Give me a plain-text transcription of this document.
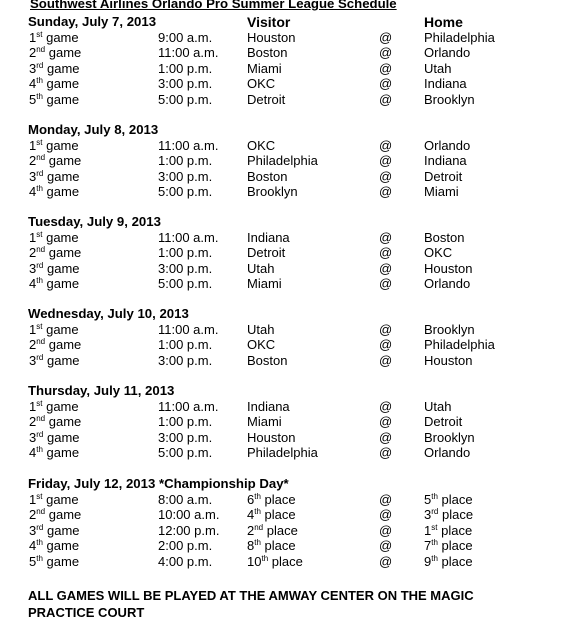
Southwest Airlines Orlando Pro Summer League Schedule
Visitor	Home
Sunday, July 7, 2013
1st game	9:00 a.m.	Houston	@ Philadelphia
2nd game	11:00 a.m. Boston	@ Orlando
3rd game	1:00 p.m.	Miami	@ Utah
4th game	3:00 p.m.	OKC	@ Indiana
5th game	5:00 p.m.	Detroit	@ Brooklyn
Monday, July 8, 2013
1st game	11:00 a.m. OKC	@ Orlando
2nd game	1:00 p.m.	Philadelphia	@ Indiana
3rd game	3:00 p.m.	Boston	@ Detroit
4th game	5:00 p.m.	Brooklyn	@ Miami
Tuesday, July 9, 2013
1st game	11:00 a.m. Indiana	@ Boston
2nd game	1:00 p.m.	Detroit	@ OKC
3rd game	3:00 p.m.	Utah	@ Houston
4th game	5:00 p.m.	Miami	@ Orlando
Wednesday, July 10, 2013
1st game	11:00 a.m. Utah	@ Brooklyn
2nd game	1:00 p.m.	OKC	@ Philadelphia
3rd game	3:00 p.m.	Boston	@ Houston
Thursday, July 11, 2013
1st game	11:00 a.m. Indiana	@ Utah
2nd game	1:00 p.m.	Miami	@ Detroit
3rd game	3:00 p.m.	Houston	@ Brooklyn
4th game	5:00 p.m.	Philadelphia	@ Orlando
Friday, July 12, 2013 *Championship Day*
1st game	8:00 a.m.	6th place	@ 5th place
2nd game	10:00 a.m. 4th place	@ 3rd place
3rd game	12:00 p.m. 2nd place	@ 1st place
4th game	2:00 p.m.	8th place	@ 7th place
5th game	4:00 p.m.	10th place	@ 9th place
ALL GAMES WILL BE PLAYED AT THE AMWAY CENTER ON THE MAGIC PRACTICE COURT
